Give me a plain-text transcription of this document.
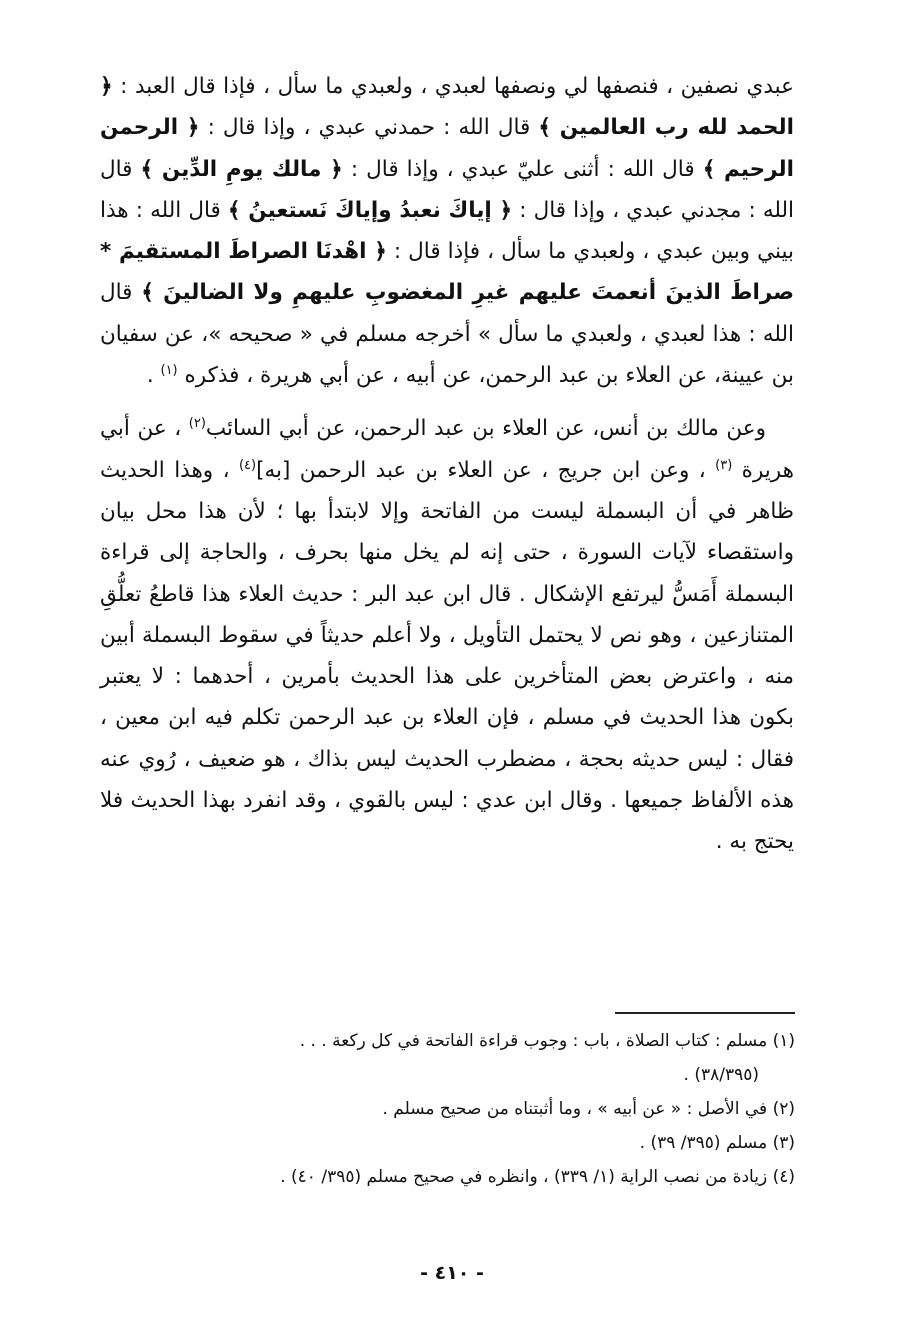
عبدي نصفين ، فنصفها لي ونصفها لعبدي ، ولعبدي ما سأل ، فإذا قال العبد : ﴿ الحمد لله رب العالمين ﴾ قال الله : حمدني عبدي ، وإذا قال : ﴿ الرحمن الرحيم ﴾ قال الله : أثنى عليّ عبدي ، وإذا قال : ﴿ مالك يومِ الدِّين ﴾ قال الله : مجدني عبدي ، وإذا قال : ﴿ إياكَ نعبدُ وإياكَ نَستعينُ ﴾ قال الله : هذا بيني وبين عبدي ، ولعبدي ما سأل ، فإذا قال : ﴿ اهْدنَا الصراطَ المستقيمَ * صراطَ الذينَ أنعمتَ عليهم غيرِ المغضوبِ عليهمِ ولا الضالينَ ﴾ قال الله : هذا لعبدي ، ولعبدي ما سأل » أخرجه مسلم في « صحيحه »، عن سفيان بن عيينة، عن العلاء بن عبد الرحمن، عن أبيه ، عن أبي هريرة ، فذكره $^{(١)}$ .

وعن مالك بن أنس، عن العلاء بن عبد الرحمن، عن أبي السائب$^{(٢)}$ ، عن أبي هريرة $^{(٣)}$ ، وعن ابن جريج ، عن العلاء بن عبد الرحمن [به]$^{(٤)}$ ، وهذا الحديث ظاهر في أن البسملة ليست من الفاتحة وإلا لابتدأ بها ؛ لأن هذا محل بيان واستقصاء لآيات السورة ، حتى إنه لم يخل منها بحرف ، والحاجة إلى قراءة البسملة أَمَسُّ ليرتفع الإشكال . قال ابن عبد البر : حديث العلاء هذا قاطعُ تعلُّقِ المتنازعين ، وهو نص لا يحتمل التأويل ، ولا أعلم حديثاً في سقوط البسملة أبين منه ، واعترض بعض المتأخرين على هذا الحديث بأمرين ، أحدهما : لا يعتبر بكون هذا الحديث في مسلم ، فإن العلاء بن عبد الرحمن تكلم فيه ابن معين ، فقال : ليس حديثه بحجة ، مضطرب الحديث ليس بذاك ، هو ضعيف ، رُوي عنه هذه الألفاظ جميعها . وقال ابن عدي : ليس بالقوي ، وقد انفرد بهذا الحديث فلا يحتج به .

(١) مسلم : كتاب الصلاة ، باب : وجوب قراءة الفاتحة في كل ركعة . . .

(٣٨/٣٩٥) .

(٢) في الأصل : « عن أبيه » ، وما أثبتناه من صحيح مسلم .

(٣) مسلم (٣٩٥/ ٣٩) .

(٤) زيادة من نصب الراية (١/ ٣٣٩) ، وانظره في صحيح مسلم (٣٩٥/ ٤٠) .

- ٤١٠ -
